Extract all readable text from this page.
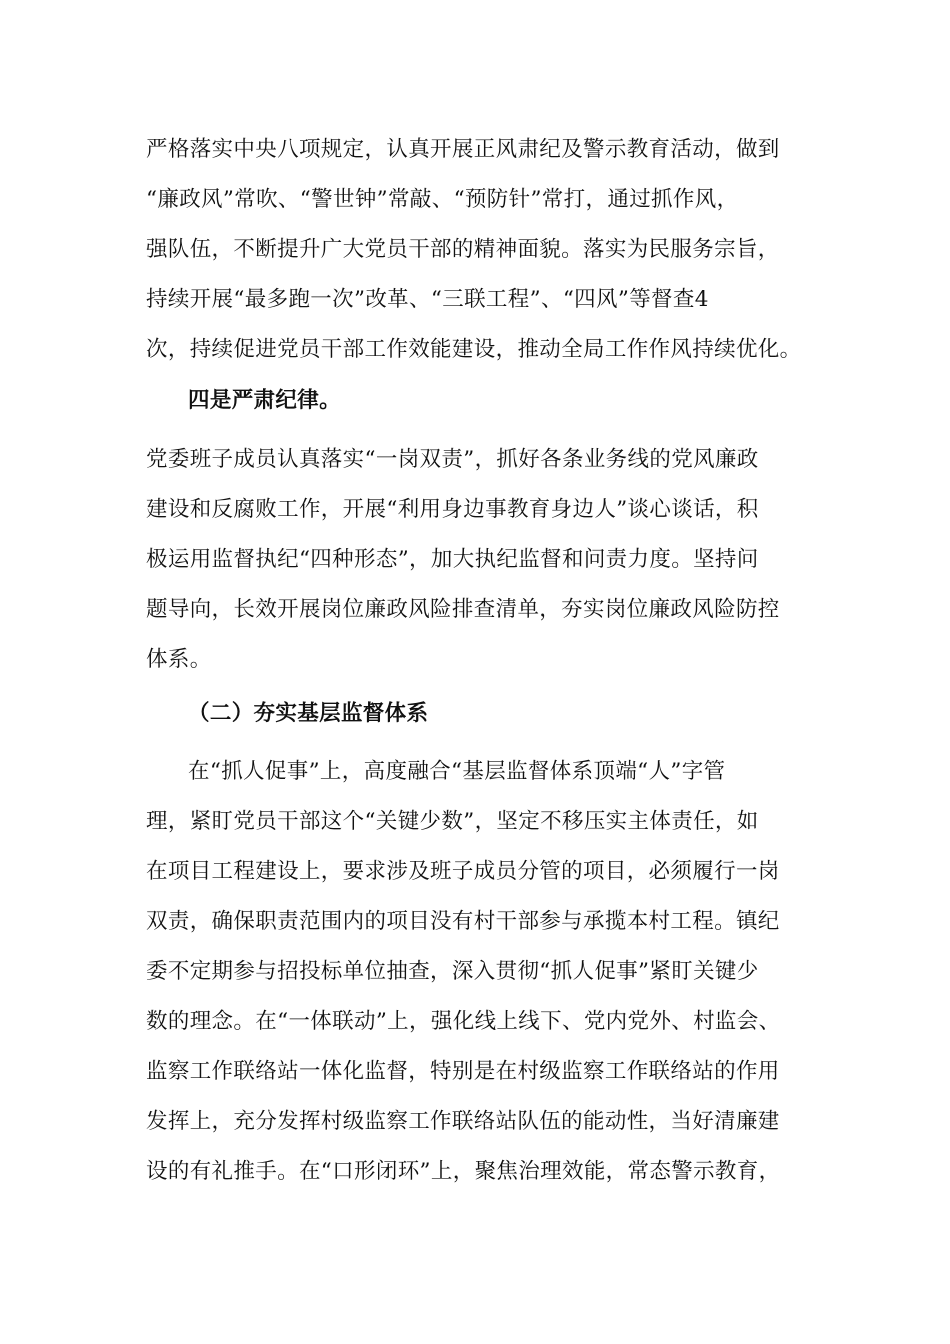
严格落实中央八项规定，认真开展正风肃纪及警示教育活动，做到
“廉政风”常吹、“警世钟”常敲、“预防针”常打，通过抓作风，
强队伍，不断提升广大党员干部的精神面貌。落实为民服务宗旨，
持续开展“最多跑一次”改革、“三联工程”、“四风”等督查4
次，持续促进党员干部工作效能建设，推动全局工作作风持续优化。
四是严肃纪律。
党委班子成员认真落实“一岗双责”，抓好各条业务线的党风廉政
建设和反腐败工作，开展“利用身边事教育身边人”谈心谈话，积
极运用监督执纪“四种形态”，加大执纪监督和问责力度。坚持问
题导向，长效开展岗位廉政风险排查清单，夯实岗位廉政风险防控
体系。
（二）夯实基层监督体系
在“抓人促事”上，高度融合“基层监督体系顶端“人”字管
理，紧盯党员干部这个“关键少数”，坚定不移压实主体责任，如
在项目工程建设上，要求涉及班子成员分管的项目，必须履行一岗
双责，确保职责范围内的项目没有村干部参与承揽本村工程。镇纪
委不定期参与招投标单位抽查，深入贯彻“抓人促事”紧盯关键少
数的理念。在“一体联动”上，强化线上线下、党内党外、村监会、
监察工作联络站一体化监督，特别是在村级监察工作联络站的作用
发挥上，充分发挥村级监察工作联络站队伍的能动性，当好清廉建
设的有礼推手。在“口形闭环”上，聚焦治理效能，常态警示教育，
